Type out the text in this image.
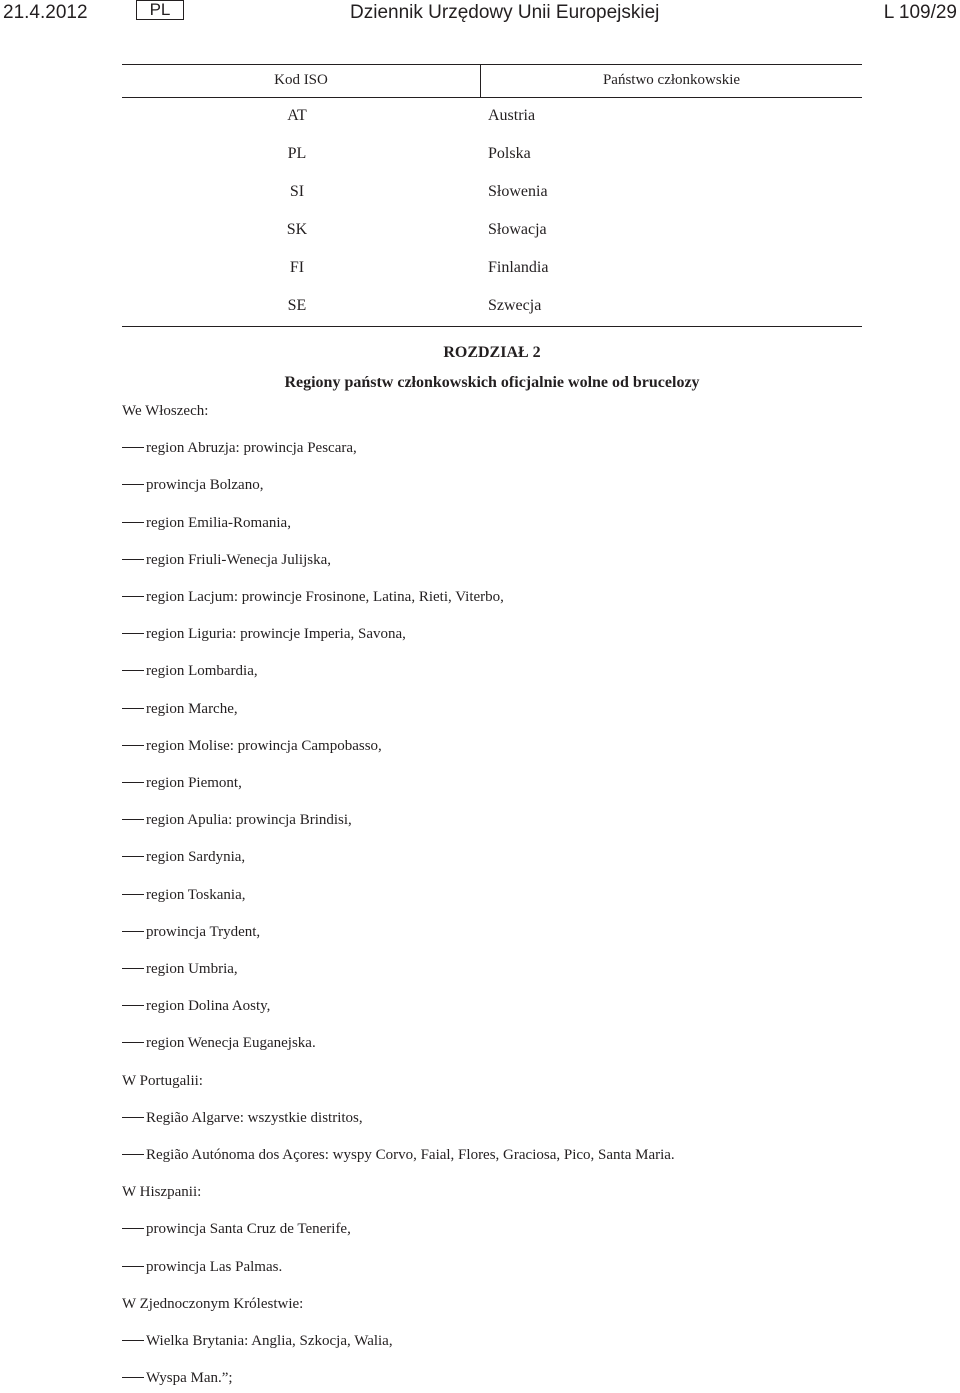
21.4.2012	PL	Dziennik Urzędowy Unii Europejskiej	L 109/29
Kod ISO	Państwo członkowskie
AT	Austria
PL	Polska
SI	Słowenia
SK	Słowacja
FI	Finlandia
SE	Szwecja
ROZDZIAŁ 2
Regiony państw członkowskich oficjalnie wolne od brucelozy
We Włoszech:
region Abruzja: prowincja Pescara,
prowincja Bolzano,
region Emilia-Romania,
region Friuli-Wenecja Julijska,
region Lacjum: prowincje Frosinone, Latina, Rieti, Viterbo,
region Liguria: prowincje Imperia, Savona,
region Lombardia,
region Marche,
region Molise: prowincja Campobasso,
region Piemont,
region Apulia: prowincja Brindisi,
region Sardynia,
region Toskania,
prowincja Trydent,
region Umbria,
region Dolina Aosty,
region Wenecja Euganejska.
W Portugalii:
Região Algarve: wszystkie distritos,
Região Autónoma dos Açores: wyspy Corvo, Faial, Flores, Graciosa, Pico, Santa Maria.
W Hiszpanii:
prowincja Santa Cruz de Tenerife,
prowincja Las Palmas.
W Zjednoczonym Królestwie:
Wielka Brytania: Anglia, Szkocja, Walia,
Wyspa Man.”;
